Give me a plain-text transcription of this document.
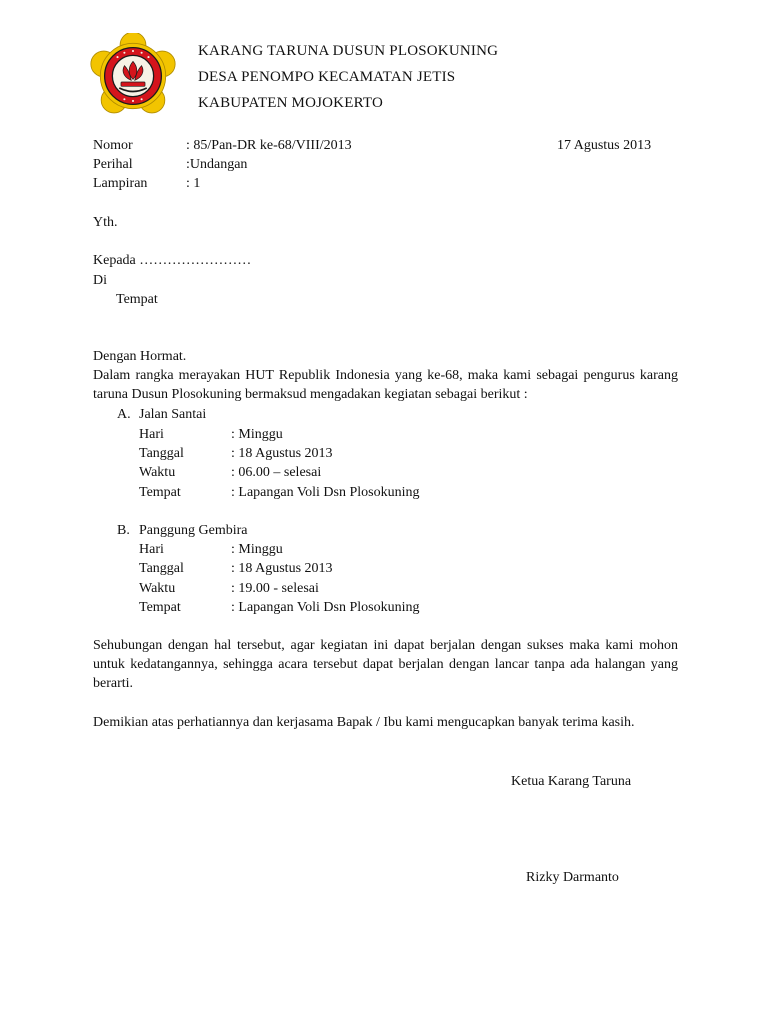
KARANG TARUNA DUSUN PLOSOKUNING
DESA PENOMPO KECAMATAN JETIS
KABUPATEN MOJOKERTO
Nomor	: 85/Pan-DR ke-68/VIII/2013	17 Agustus 2013
Perihal	:Undangan
Lampiran	: 1
Yth.
Kepada ……………………
Di
Tempat
Dengan Hormat.
Dalam rangka merayakan HUT Republik Indonesia yang ke-68, maka kami sebagai pengurus karang taruna Dusun Plosokuning bermaksud mengadakan kegiatan sebagai berikut :
A. Jalan Santai
Hari	: Minggu
Tanggal	: 18 Agustus 2013
Waktu	: 06.00 – selesai
Tempat	: Lapangan Voli Dsn Plosokuning
B. Panggung Gembira
Hari	: Minggu
Tanggal	: 18 Agustus 2013
Waktu	: 19.00 - selesai
Tempat	: Lapangan Voli Dsn Plosokuning
Sehubungan dengan hal tersebut, agar kegiatan ini dapat berjalan dengan sukses maka kami mohon untuk kedatangannya, sehingga acara tersebut dapat berjalan dengan lancar tanpa ada halangan yang berarti.
Demikian atas perhatiannya dan kerjasama Bapak / Ibu kami mengucapkan banyak terima kasih.
Ketua Karang Taruna
Rizky Darmanto
